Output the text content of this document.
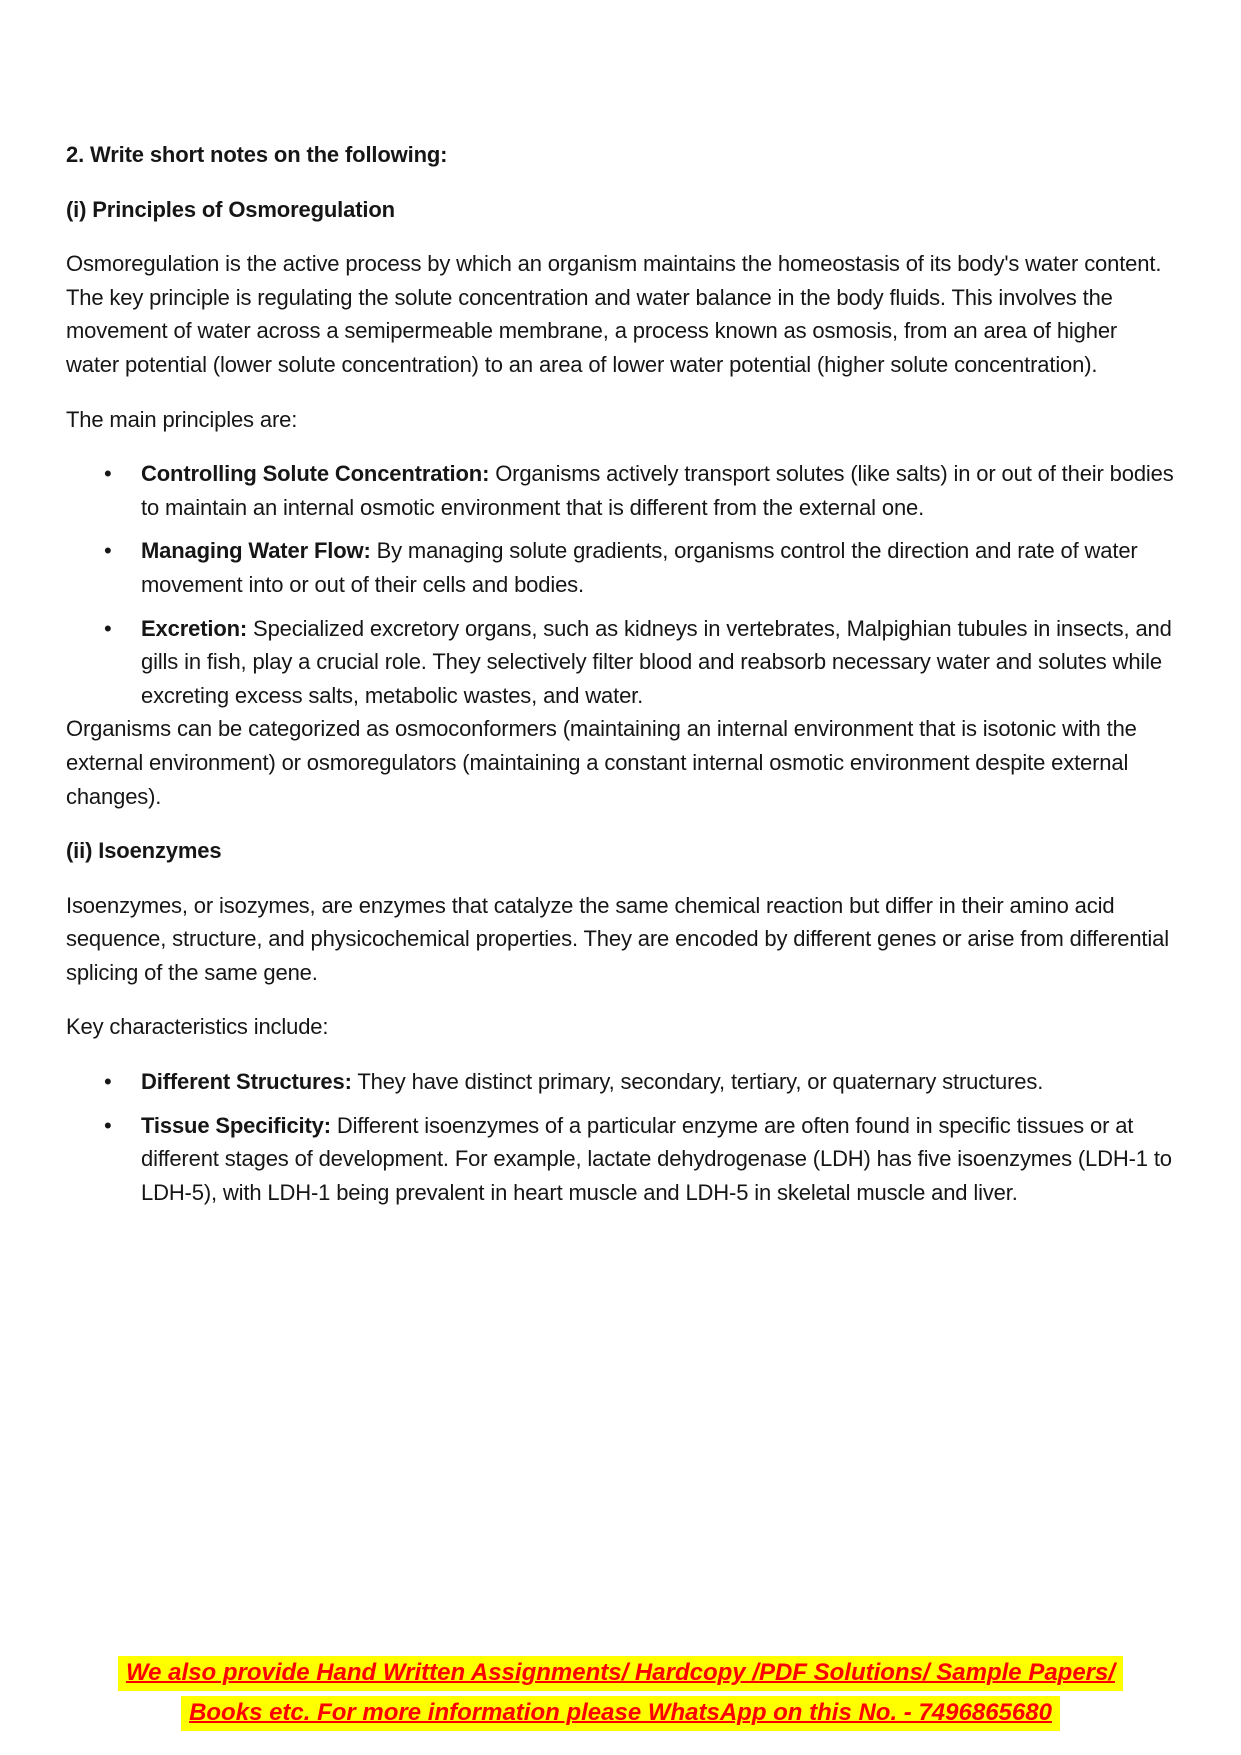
2. Write short notes on the following:

(i) Principles of Osmoregulation

Osmoregulation is the active process by which an organism maintains the homeostasis of its body's water content. The key principle is regulating the solute concentration and water balance in the body fluids. This involves the movement of water across a semipermeable membrane, a process known as osmosis, from an area of higher water potential (lower solute concentration) to an area of lower water potential (higher solute concentration).

The main principles are:

• Controlling Solute Concentration: Organisms actively transport solutes (like salts) in or out of their bodies to maintain an internal osmotic environment that is different from the external one.
• Managing Water Flow: By managing solute gradients, organisms control the direction and rate of water movement into or out of their cells and bodies.
• Excretion: Specialized excretory organs, such as kidneys in vertebrates, Malpighian tubules in insects, and gills in fish, play a crucial role. They selectively filter blood and reabsorb necessary water and solutes while excreting excess salts, metabolic wastes, and water.

Organisms can be categorized as osmoconformers (maintaining an internal environment that is isotonic with the external environment) or osmoregulators (maintaining a constant internal osmotic environment despite external changes).

(ii) Isoenzymes

Isoenzymes, or isozymes, are enzymes that catalyze the same chemical reaction but differ in their amino acid sequence, structure, and physicochemical properties. They are encoded by different genes or arise from differential splicing of the same gene.

Key characteristics include:

• Different Structures: They have distinct primary, secondary, tertiary, or quaternary structures.
• Tissue Specificity: Different isoenzymes of a particular enzyme are often found in specific tissues or at different stages of development. For example, lactate dehydrogenase (LDH) has five isoenzymes (LDH-1 to LDH-5), with LDH-1 being prevalent in heart muscle and LDH-5 in skeletal muscle and liver.
We also provide Hand Written Assignments/ Hardcopy /PDF Solutions/ Sample Papers/
Books etc. For more information please WhatsApp on this No. - 7496865680
